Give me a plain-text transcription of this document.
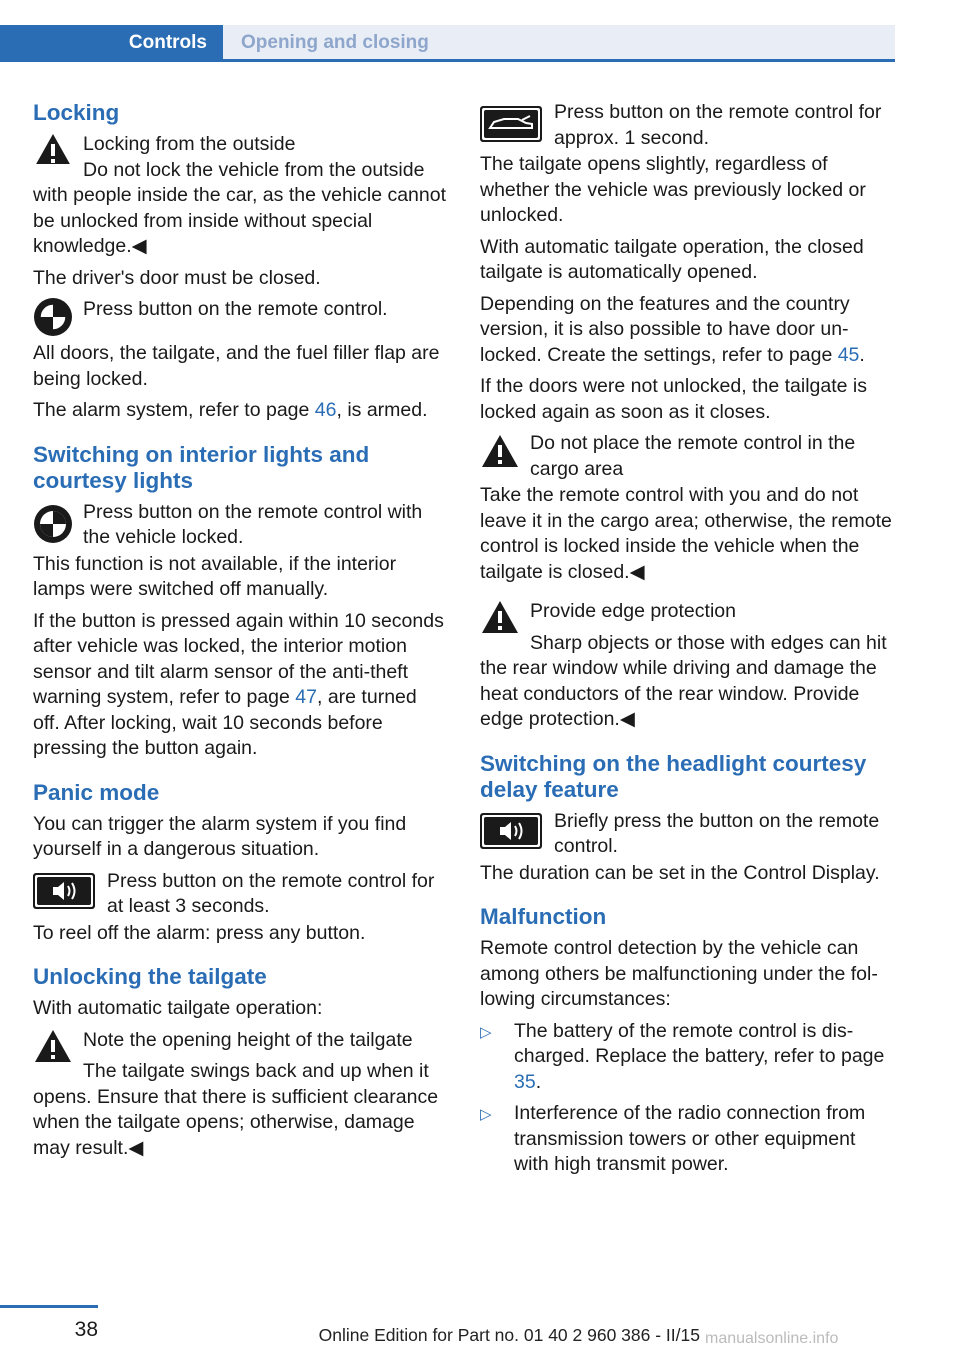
Controls	Opening and closing
Locking

Locking from the outside

Do not lock the vehicle from the outside with people inside the car, as the vehicle cannot be unlocked from inside without special knowledge.◀

The driver's door must be closed.

Press button on the remote control.

All doors, the tailgate, and the fuel filler flap are being locked.

The alarm system, refer to page 46, is armed.

Switching on interior lights and courtesy lights

Press button on the remote control with the vehicle locked.

This function is not available, if the interior lamps were switched off manually.

If the button is pressed again within 10 seconds after vehicle was locked, the interior motion sensor and tilt alarm sensor of the anti-theft warning system, refer to page 47, are turned off. After locking, wait 10 seconds before pressing the button again.

Panic mode

You can trigger the alarm system if you find yourself in a dangerous situation.

Press button on the remote control for at least 3 seconds.

To reel off the alarm: press any button.

Unlocking the tailgate

With automatic tailgate operation:

Note the opening height of the tailgate

The tailgate swings back and up when it opens. Ensure that there is sufficient clearance when the tailgate opens; otherwise, damage may result.◀

Press button on the remote control for approx. 1 second.

The tailgate opens slightly, regardless of whether the vehicle was previously locked or unlocked.

With automatic tailgate operation, the closed tailgate is automatically opened.

Depending on the features and the country version, it is also possible to have door unlocked. Create the settings, refer to page 45.

If the doors were not unlocked, the tailgate is locked again as soon as it closes.

Do not place the remote control in the cargo area

Take the remote control with you and do not leave it in the cargo area; otherwise, the remote control is locked inside the vehicle when the tailgate is closed.◀

Provide edge protection

Sharp objects or those with edges can hit the rear window while driving and damage the heat conductors of the rear window. Provide edge protection.◀

Switching on the headlight courtesy delay feature

Briefly press the button on the remote control.

The duration can be set in the Control Display.

Malfunction

Remote control detection by the vehicle can among others be malfunctioning under the following circumstances:

▷ The battery of the remote control is discharged. Replace the battery, refer to page 35.
▷ Interference of the radio connection from transmission towers or other equipment with high transmit power.
38	Online Edition for Part no. 01 40 2 960 386 - II/15 manualsonline.info
